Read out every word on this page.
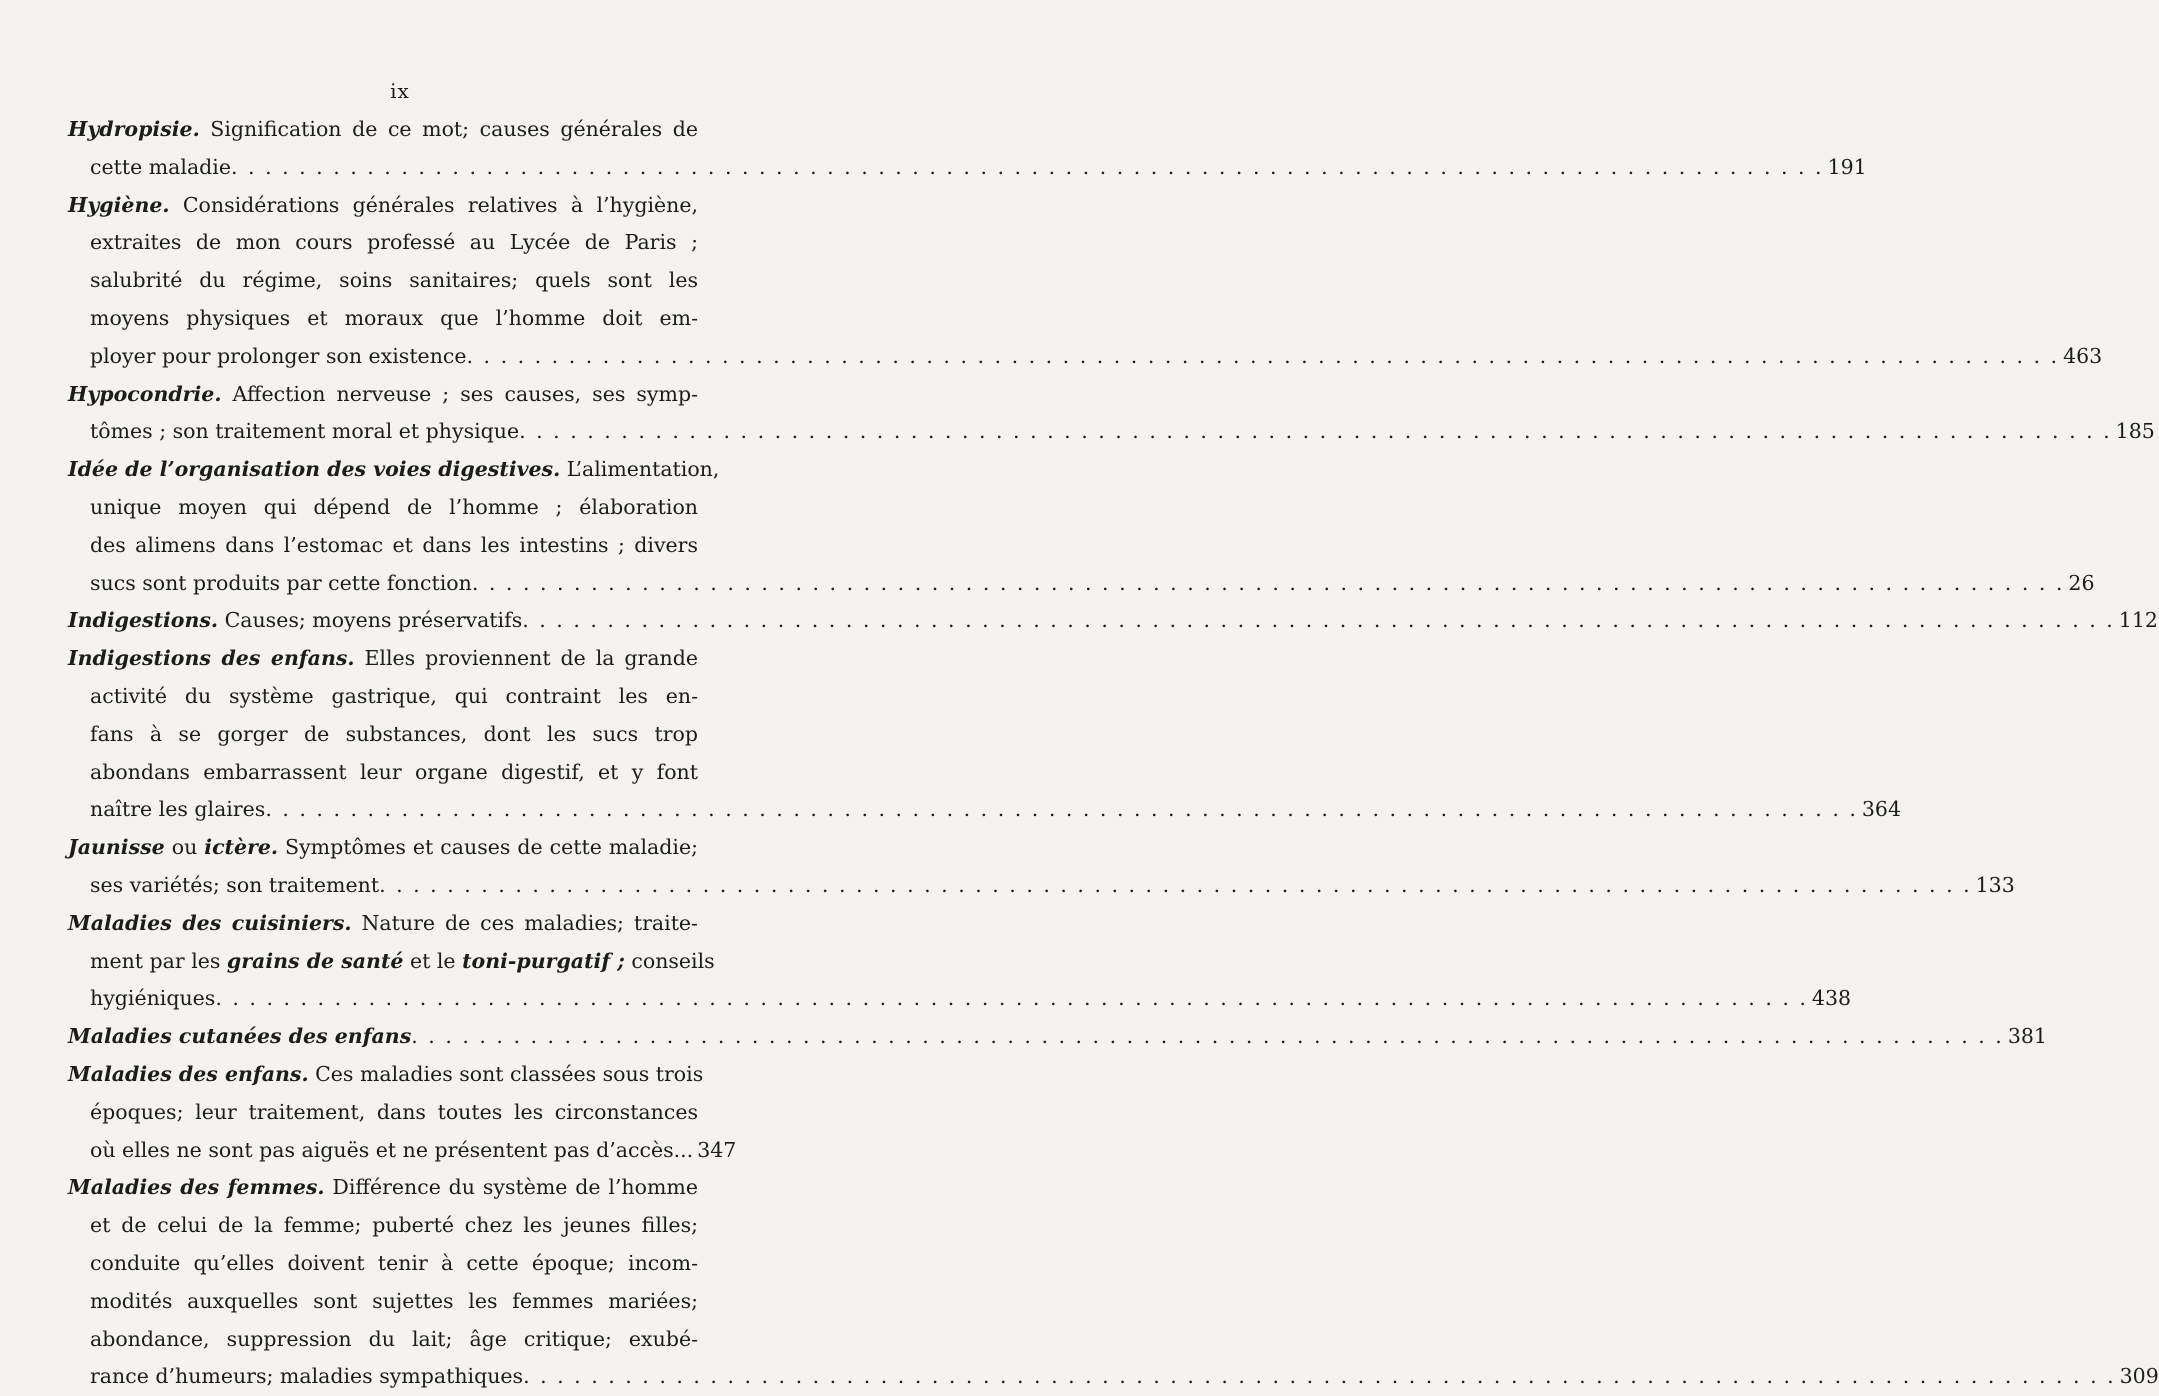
ix
Hydropisie. Signification de ce mot; causes générales de
cette maladie . . .	191
Hygiène. Considérations générales relatives à l’hygiène,
extraites de mon cours professé au Lycée de Paris ;
salubrité du régime, soins sanitaires; quels sont les
moyens physiques et moraux que l’homme doit em-
ployer pour prolonger son existence . . .	463
Hypocondrie. Affection nerveuse ; ses causes, ses symp-
tômes ; son traitement moral et physique . . .	185
Idée de l’organisation des voies digestives. L’alimentation,
unique moyen qui dépend de l’homme ; élaboration
des alimens dans l’estomac et dans les intestins ; divers
sucs sont produits par cette fonction . . .	26
Indigestions. Causes; moyens préservatifs . . .	112
Indigestions des enfans. Elles proviennent de la grande
activité du système gastrique, qui contraint les en-
fans à se gorger de substances, dont les sucs trop
abondans embarrassent leur organe digestif, et y font
naître les glaires . . .	364
Jaunisse ou ictère. Symptômes et causes de cette maladie;
ses variétés; son traitement . . .	133
Maladies des cuisiniers. Nature de ces maladies; traite-
ment par les grains de santé et le toni-purgatif ; conseils
hygiéniques . . .	438
Maladies cutanées des enfans . . .	381
Maladies des enfans. Ces maladies sont classées sous trois
époques; leur traitement, dans toutes les circonstances
où elles ne sont pas aiguës et ne présentent pas d’accès... 347
Maladies des femmes. Différence du système de l’homme
et de celui de la femme; puberté chez les jeunes filles;
conduite qu’elles doivent tenir à cette époque; incom-
modités auxquelles sont sujettes les femmes mariées;
abondance, suppression du lait; âge critique; exubé-
rance d’humeurs; maladies sympathiques . . .	309
